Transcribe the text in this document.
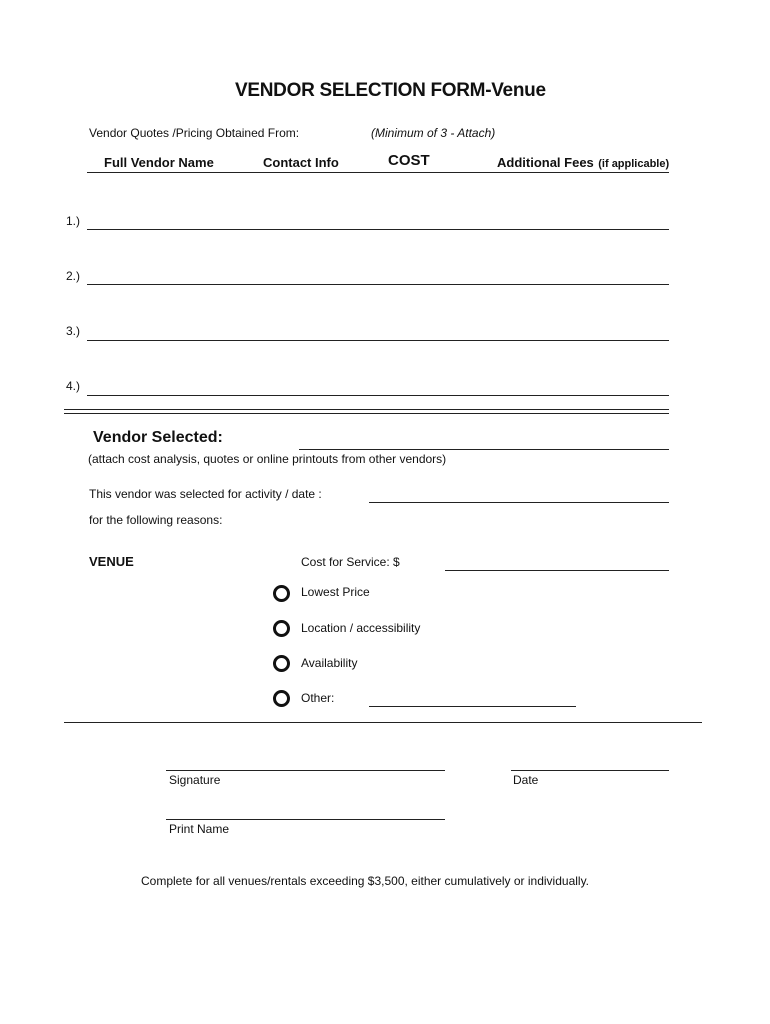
VENDOR SELECTION FORM-Venue
Vendor Quotes /Pricing Obtained From:	(Minimum of 3 - Attach)
Full Vendor Name	Contact Info	COST	Additional Fees (if applicable)
1.)
2.)
3.)
4.)
Vendor Selected:
(attach cost analysis, quotes or online printouts from other vendors)
This vendor was selected for activity / date :
for the following reasons:
VENUE	Cost for Service: $
Lowest Price
Location / accessibility
Availability
Other:
Signature	Date
Print Name
Complete for all venues/rentals exceeding $3,500, either cumulatively or individually.
